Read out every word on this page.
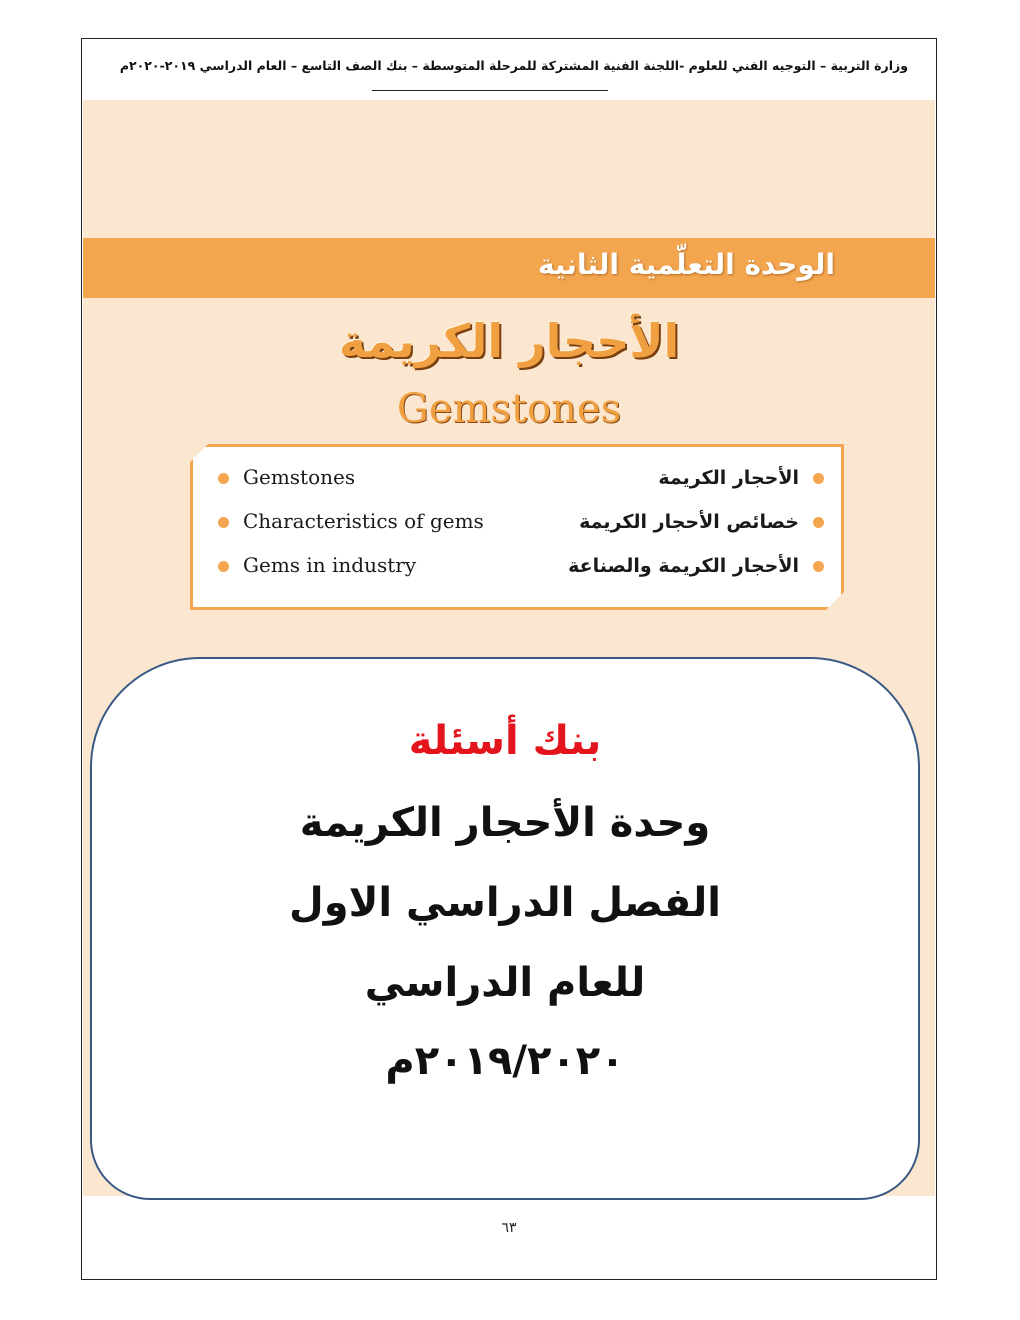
وزارة التربية – التوجيه الفني للعلوم -اللجنة الفنية المشتركة للمرحلة المتوسطة – بنك الصف التاسع – العام الدراسي ٢٠١٩-٢٠٢٠م
الوحدة التعلّمية الثانية
الأحجار الكريمة
Gemstones
Gemstones
Characteristics of gems
Gems in industry
الأحجار الكريمة
خصائص الأحجار الكريمة
الأحجار الكريمة والصناعة
بنك أسئلة
وحدة الأحجار الكريمة
الفصل الدراسي الاول
للعام الدراسي
٢٠١٩/٢٠٢٠م
٦٣
